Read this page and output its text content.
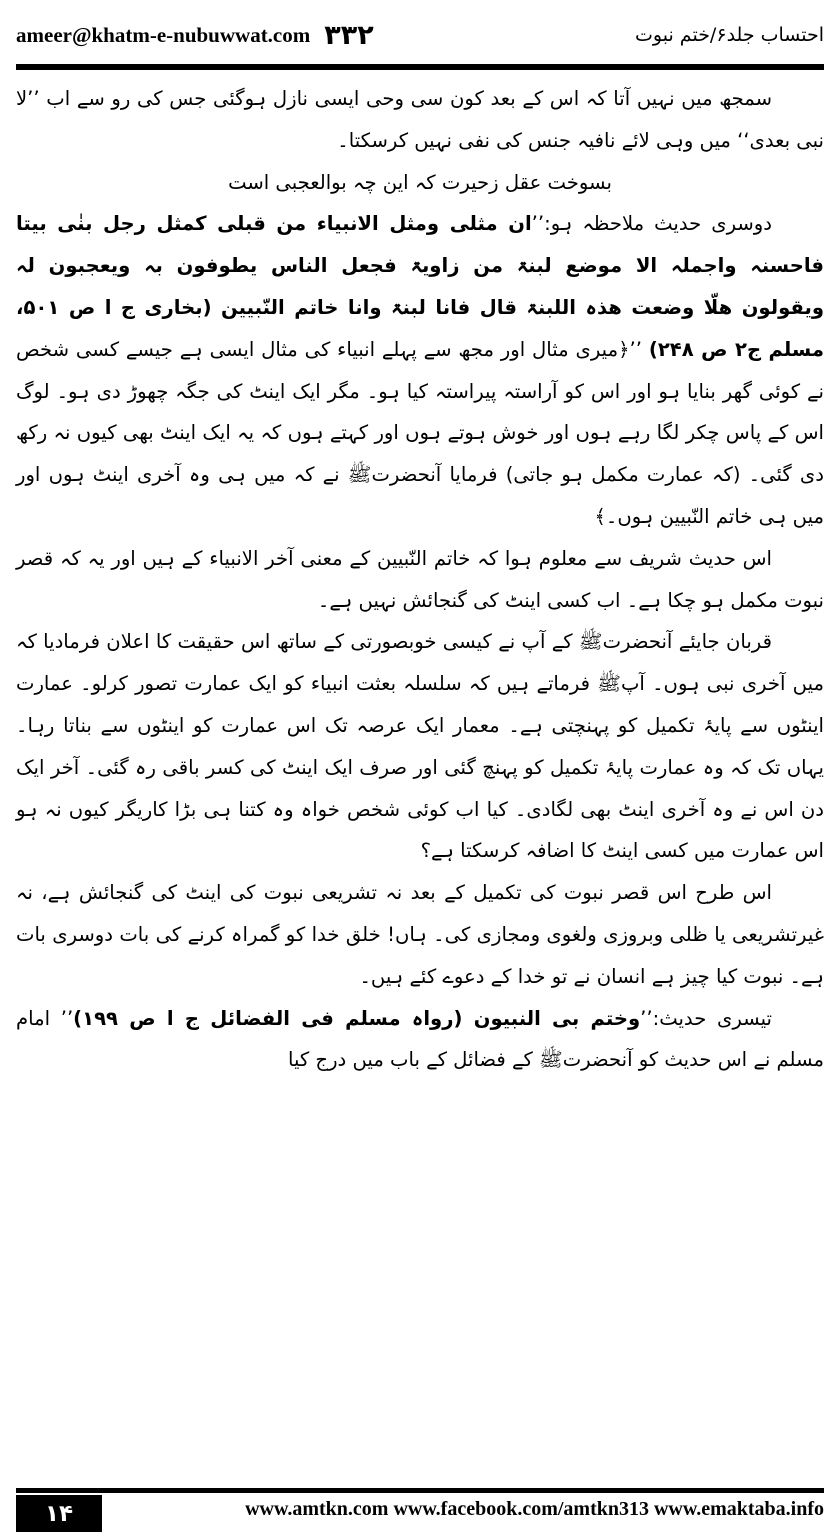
ameer@khatm-e-nubuwwat.com ۳۳۲	احتساب جلد۶/ختم نبوت

سمجھ میں نہیں آتا کہ اس کے بعد کون سی وحی ایسی نازل ہوگئی جس کی رو سے اب ’’لا نبی بعدی‘‘ میں وہی لائے نافیہ جنس کی نفی نہیں کرسکتا۔

بسوخت عقل زحیرت کہ این چہ بوالعجبی است

دوسری حدیث ملاحظہ ہو:’’ان مثلی ومثل الانبیاء من قبلی کمثل رجل بنٰی بیتا فاحسنہ واجملہ الا موضع لبنۃ من زاویۃ فجعل الناس یطوفون بہ ویعجبون لہ ویقولون ھلّا وضعت ھذہ اللبنۃ قال فانا لبنۃ وانا خاتم النّبیین (بخاری ج ا ص ۵۰۱، مسلم ج۲ ص ۲۴۸) ’’﴿میری مثال اور مجھ سے پہلے انبیاء کی مثال ایسی ہے جیسے کسی شخص نے کوئی گھر بنایا ہو اور اس کو آراستہ پیراستہ کیا ہو۔ مگر ایک اینٹ کی جگہ چھوڑ دی ہو۔ لوگ اس کے پاس چکر لگا رہے ہوں اور خوش ہوتے ہوں اور کہتے ہوں کہ یہ ایک اینٹ بھی کیوں نہ رکھ دی گئی۔ (کہ عمارت مکمل ہو جاتی) فرمایا آنحضرتﷺ نے کہ میں ہی وہ آخری اینٹ ہوں اور میں ہی خاتم النّبیین ہوں۔﴾

اس حدیث شریف سے معلوم ہوا کہ خاتم النّبیین کے معنی آخر الانبیاء کے ہیں اور یہ کہ قصر نبوت مکمل ہو چکا ہے۔ اب کسی اینٹ کی گنجائش نہیں ہے۔

قربان جایئے آنحضرتﷺ کے آپ نے کیسی خوبصورتی کے ساتھ اس حقیقت کا اعلان فرمادیا کہ میں آخری نبی ہوں۔ آپﷺ فرماتے ہیں کہ سلسلہ بعثت انبیاء کو ایک عمارت تصور کرلو۔ عمارت اینٹوں سے پایۂ تکمیل کو پہنچتی ہے۔ معمار ایک عرصہ تک اس عمارت کو اینٹوں سے بناتا رہا۔ یہاں تک کہ وہ عمارت پایۂ تکمیل کو پہنچ گئی اور صرف ایک اینٹ کی کسر باقی رہ گئی۔ آخر ایک دن اس نے وہ آخری اینٹ بھی لگادی۔ کیا اب کوئی شخص خواہ وہ کتنا ہی بڑا کاریگر کیوں نہ ہو اس عمارت میں کسی اینٹ کا اضافہ کرسکتا ہے؟

اس طرح اس قصر نبوت کی تکمیل کے بعد نہ تشریعی نبوت کی اینٹ کی گنجائش ہے، نہ غیرتشریعی یا ظلی وبروزی ولغوی ومجازی کی۔ ہاں! خلق خدا کو گمراہ کرنے کی بات دوسری بات ہے۔ نبوت کیا چیز ہے انسان نے تو خدا کے دعوے کئے ہیں۔

تیسری حدیث:’’وختم بی النبیون (رواہ مسلم فی الفضائل ج ا ص ۱۹۹)’’ امام مسلم نے اس حدیث کو آنحضرتﷺ کے فضائل کے باب میں درج کیا

۱۴	www.amtkn.com www.facebook.com/amtkn313 www.emaktaba.info
